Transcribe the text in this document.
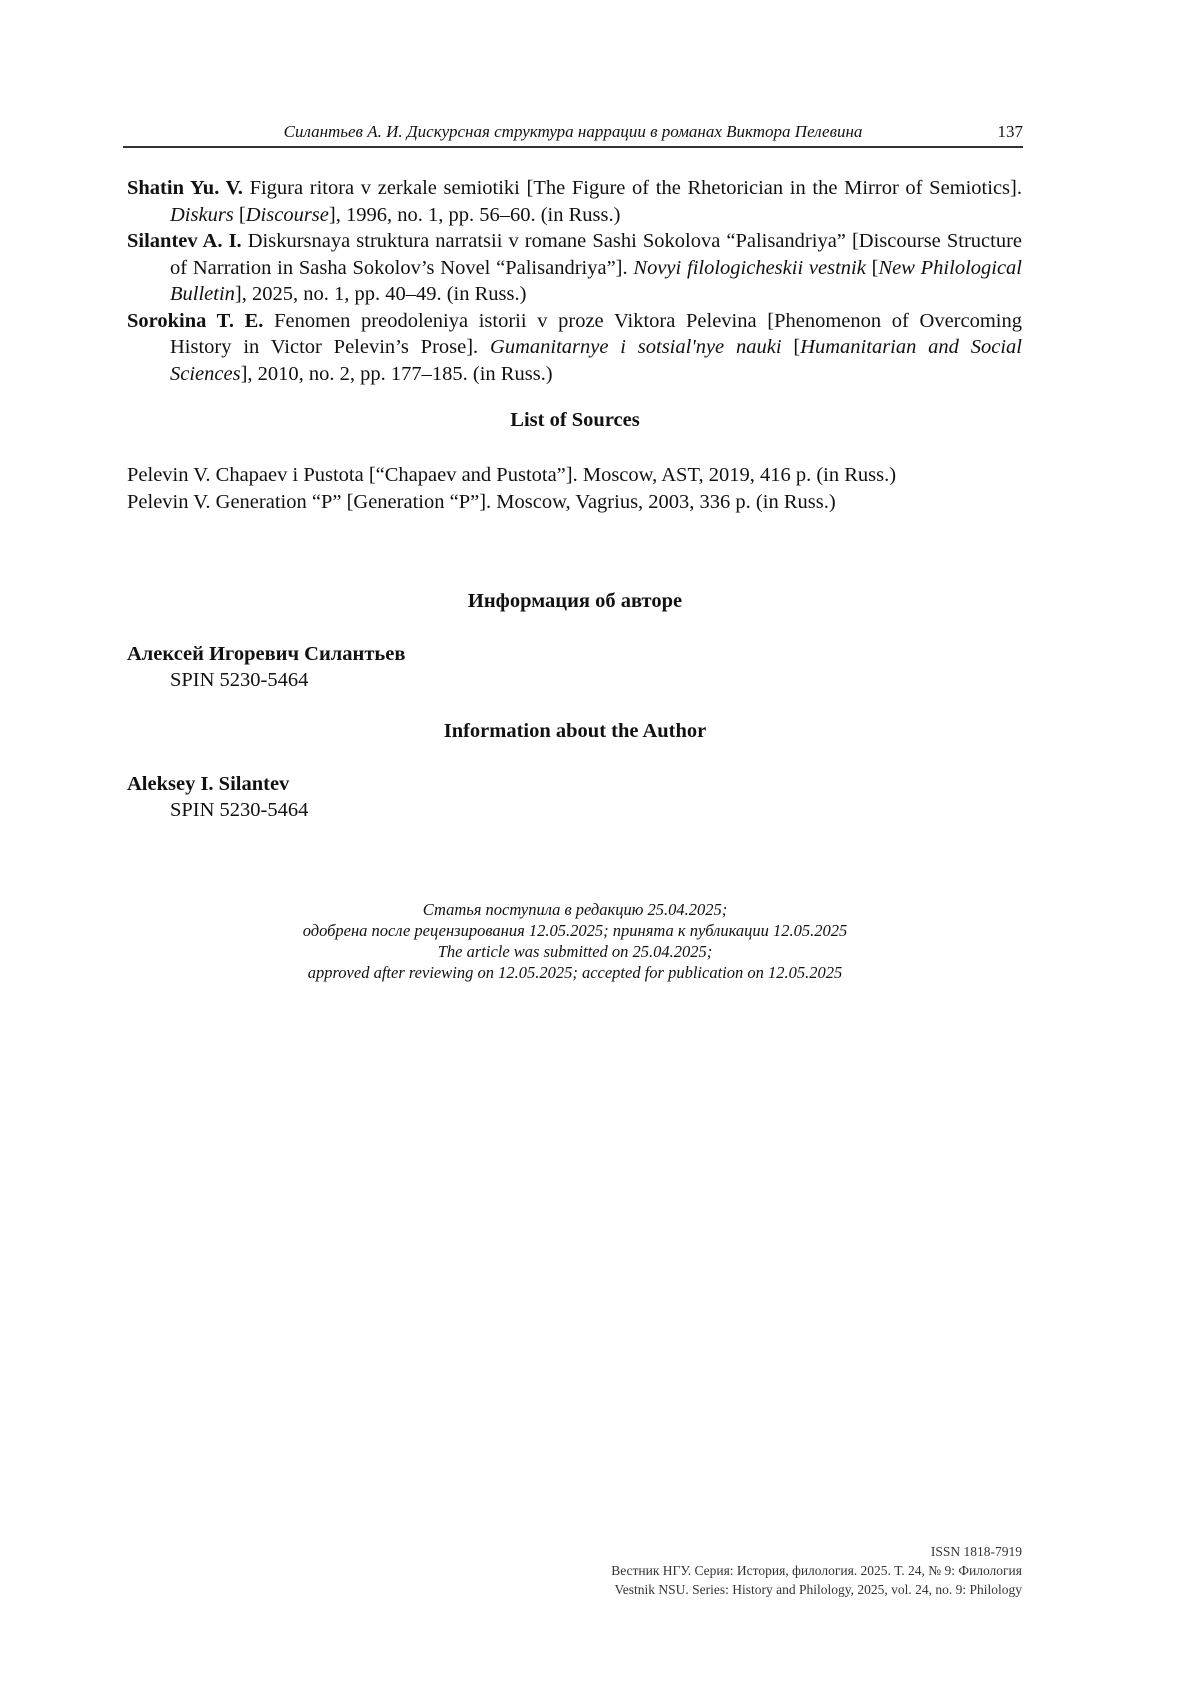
Силантьев А. И. Дискурсная структура наррации в романах Виктора Пелевина	137

Shatin Yu. V. Figura ritora v zerkale semiotiki [The Figure of the Rhetorician in the Mirror of Semiotics]. Diskurs [Discourse], 1996, no. 1, pp. 56–60. (in Russ.)

Silantev A. I. Diskursnaya struktura narratsii v romane Sashi Sokolova “Palisandriya” [Discourse Structure of Narration in Sasha Sokolov’s Novel “Palisandriya”]. Novyi filologicheskii vestnik [New Philological Bulletin], 2025, no. 1, pp. 40–49. (in Russ.)

Sorokina T. E. Fenomen preodoleniya istorii v proze Viktora Pelevina [Phenomenon of Overcoming History in Victor Pelevin’s Prose]. Gumanitarnye i sotsial'nye nauki [Humanitarian and Social Sciences], 2010, no. 2, pp. 177–185. (in Russ.)

List of Sources

Pelevin V. Chapaev i Pustota [“Chapaev and Pustota”]. Moscow, AST, 2019, 416 p. (in Russ.)

Pelevin V. Generation “P” [Generation “P”]. Moscow, Vagrius, 2003, 336 p. (in Russ.)

Информация об авторе
Алексей Игоревич Силантьев
SPIN 5230-5464
Information about the Author
Aleksey I. Silantev
SPIN 5230-5464

Статья поступила в редакцию 25.04.2025;

одобрена после рецензирования 12.05.2025; принята к публикации 12.05.2025

The article was submitted on 25.04.2025;

approved after reviewing on 12.05.2025; accepted for publication on 12.05.2025

ISSN 1818-7919

Вестник НГУ. Серия: История, филология. 2025. Т. 24, № 9: Филология

Vestnik NSU. Series: History and Philology, 2025, vol. 24, no. 9: Philology
